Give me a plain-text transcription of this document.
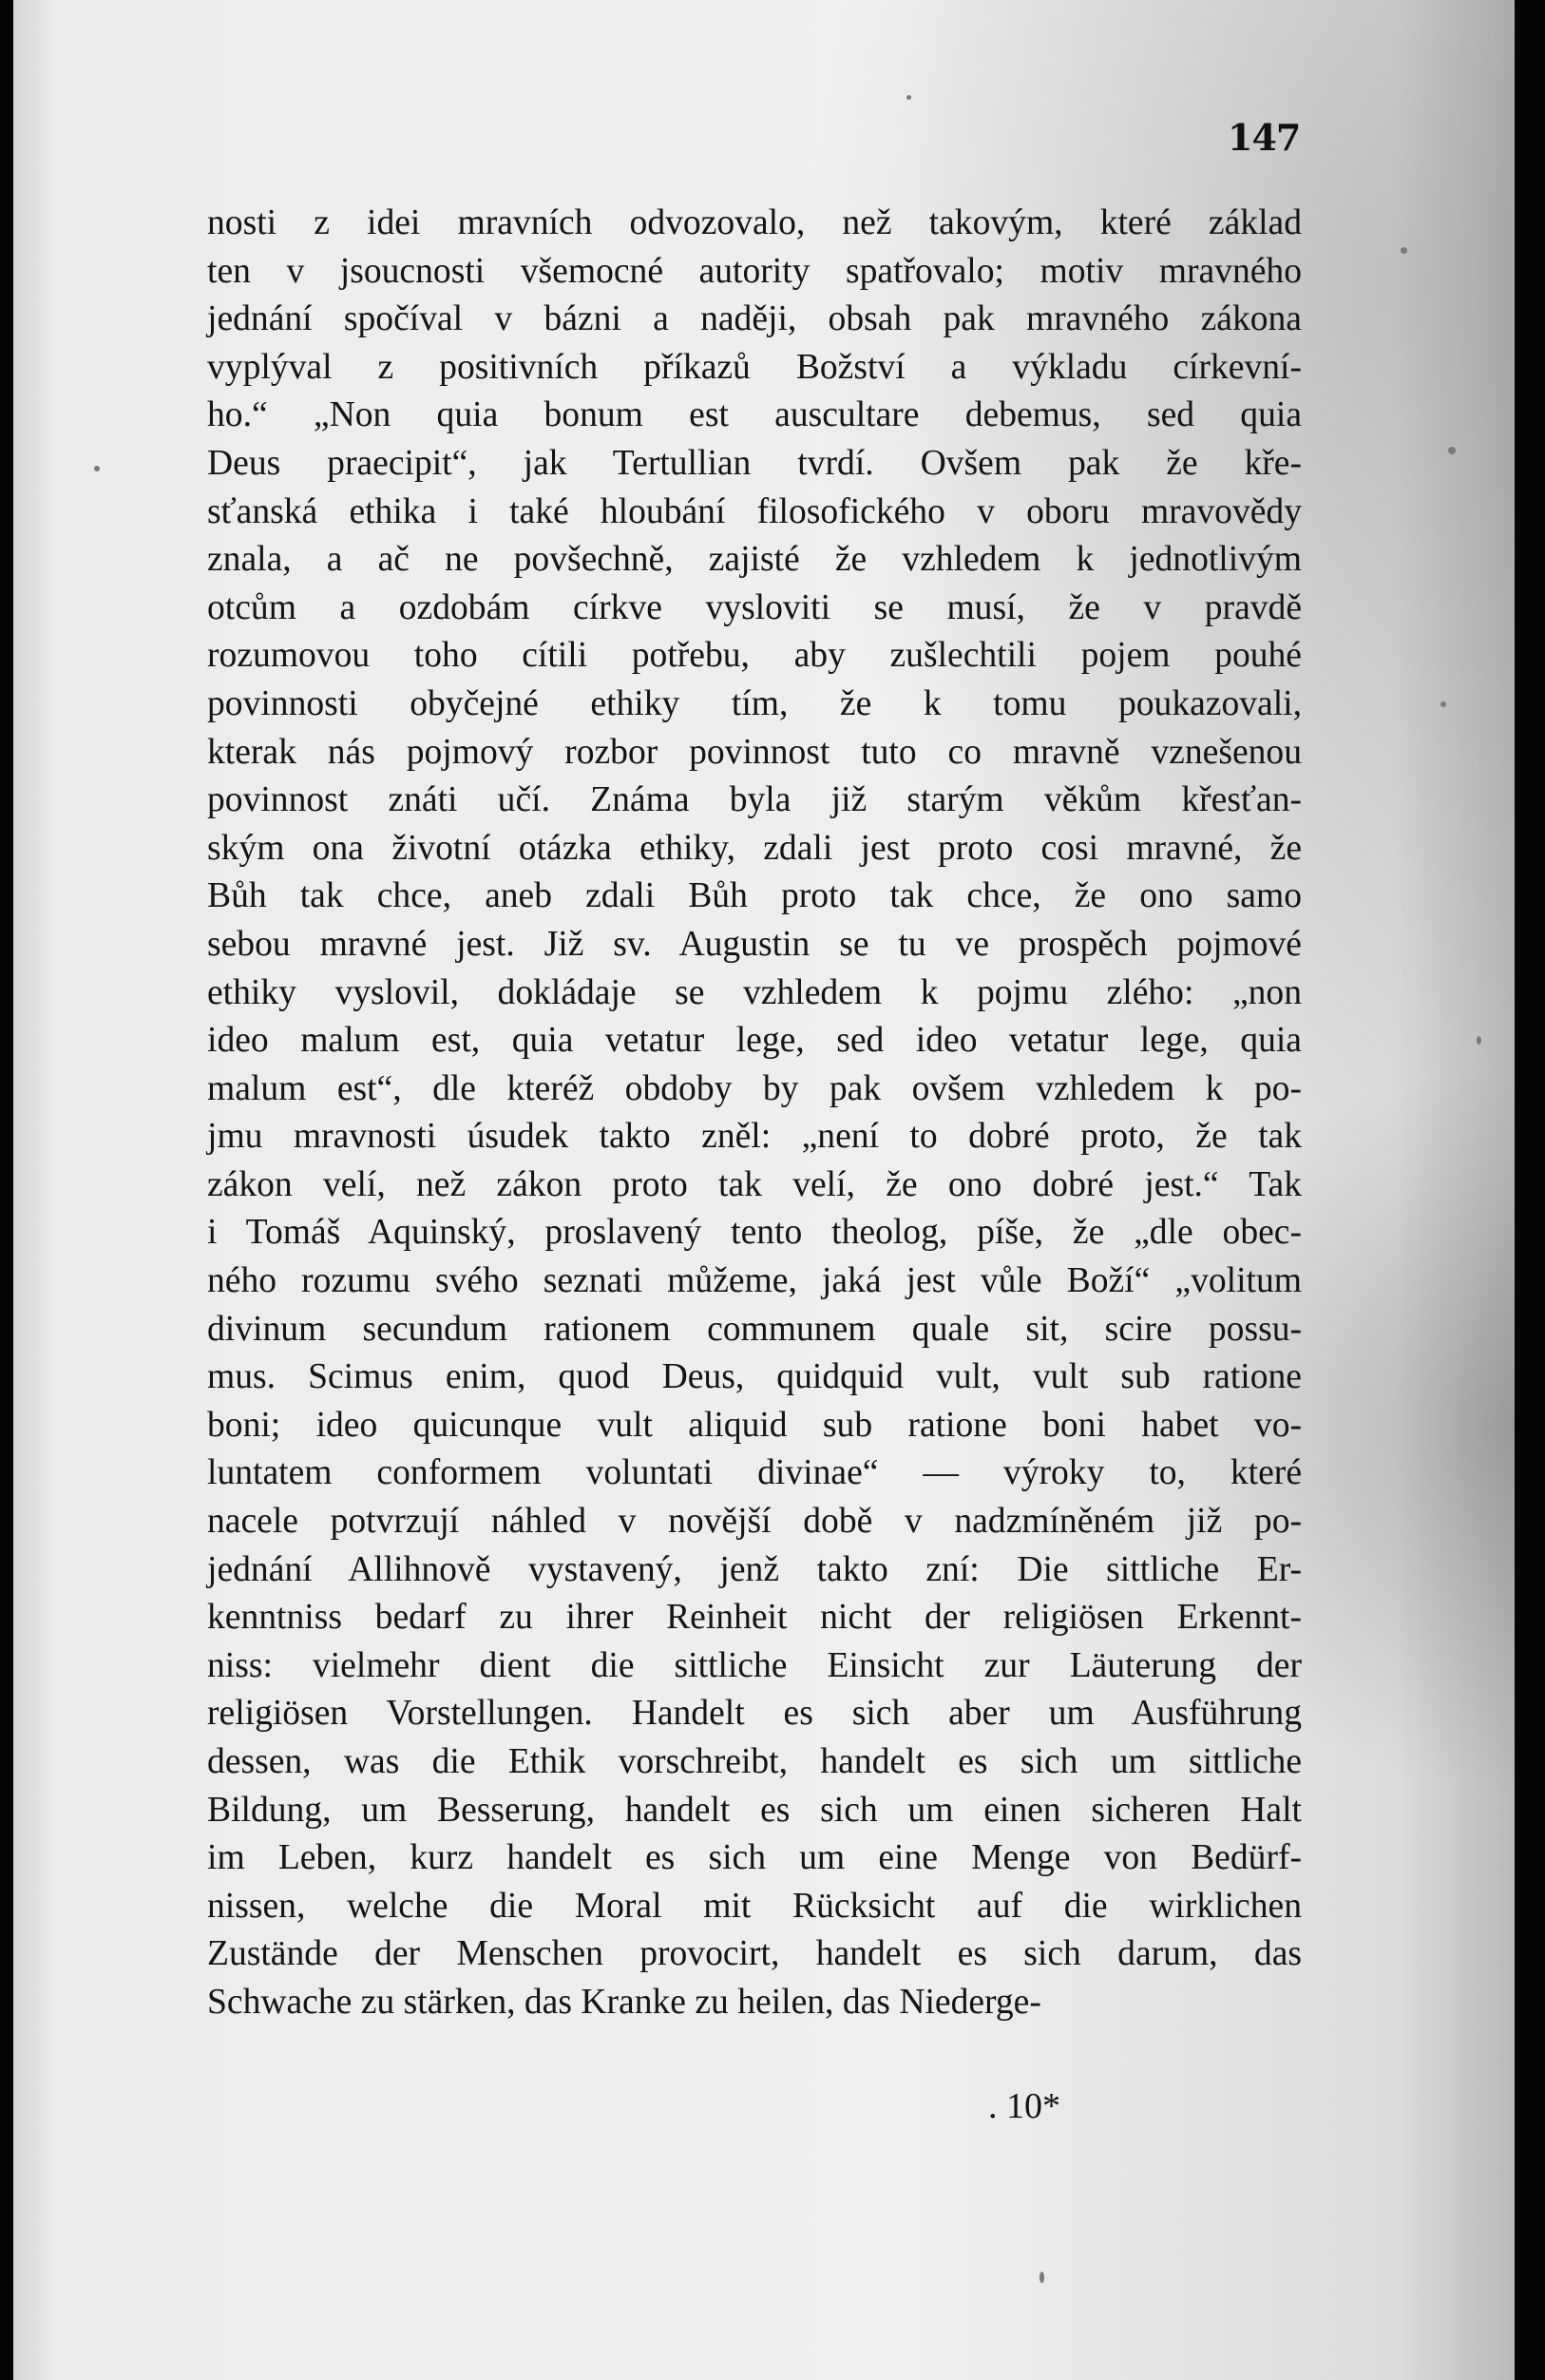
147
nosti z idei mravních odvozovalo, než takovým, které základ
ten v jsoucnosti všemocné autority spatřovalo; motiv mravného
jednání spočíval v bázni a naději, obsah pak mravného zákona
vyplýval z positivních příkazů Božství a výkladu církevní-
ho.“ „Non quia bonum est auscultare debemus, sed quia
Deus praecipit“, jak Tertullian tvrdí. Ovšem pak že kře-
sťanská ethika i také hloubání filosofického v oboru mravovědy
znala, a ač ne povšechně, zajisté že vzhledem k jednotlivým
otcům a ozdobám církve vysloviti se musí, že v pravdě
rozumovou toho cítili potřebu, aby zušlechtili pojem pouhé
povinnosti obyčejné ethiky tím, že k tomu poukazovali,
kterak nás pojmový rozbor povinnost tuto co mravně vznešenou
povinnost znáti učí. Známa byla již starým věkům křesťan-
ským ona životní otázka ethiky, zdali jest proto cosi mravné, že
Bůh tak chce, aneb zdali Bůh proto tak chce, že ono samo
sebou mravné jest. Již sv. Augustin se tu ve prospěch pojmové
ethiky vyslovil, dokládaje se vzhledem k pojmu zlého: „non
ideo malum est, quia vetatur lege, sed ideo vetatur lege, quia
malum est“, dle kteréž obdoby by pak ovšem vzhledem k po-
jmu mravnosti úsudek takto zněl: „není to dobré proto, že tak
zákon velí, než zákon proto tak velí, že ono dobré jest.“ Tak
i Tomáš Aquinský, proslavený tento theolog, píše, že „dle obec-
ného rozumu svého seznati můžeme, jaká jest vůle Boží“ „volitum
divinum secundum rationem communem quale sit, scire possu-
mus. Scimus enim, quod Deus, quidquid vult, vult sub ratione
boni; ideo quicunque vult aliquid sub ratione boni habet vo-
luntatem conformem voluntati divinae“ — výroky to, které
nacele potvrzují náhled v novější době v nadzmíněném již po-
jednání Allihnově vystavený, jenž takto zní: Die sittliche Er-
kenntniss bedarf zu ihrer Reinheit nicht der religiösen Erkennt-
niss: vielmehr dient die sittliche Einsicht zur Läuterung der
religiösen Vorstellungen. Handelt es sich aber um Ausführung
dessen, was die Ethik vorschreibt, handelt es sich um sittliche
Bildung, um Besserung, handelt es sich um einen sicheren Halt
im Leben, kurz handelt es sich um eine Menge von Bedürf-
nissen, welche die Moral mit Rücksicht auf die wirklichen
Zustände der Menschen provocirt, handelt es sich darum, das
Schwache zu stärken, das Kranke zu heilen, das Niederge-
. 10*
